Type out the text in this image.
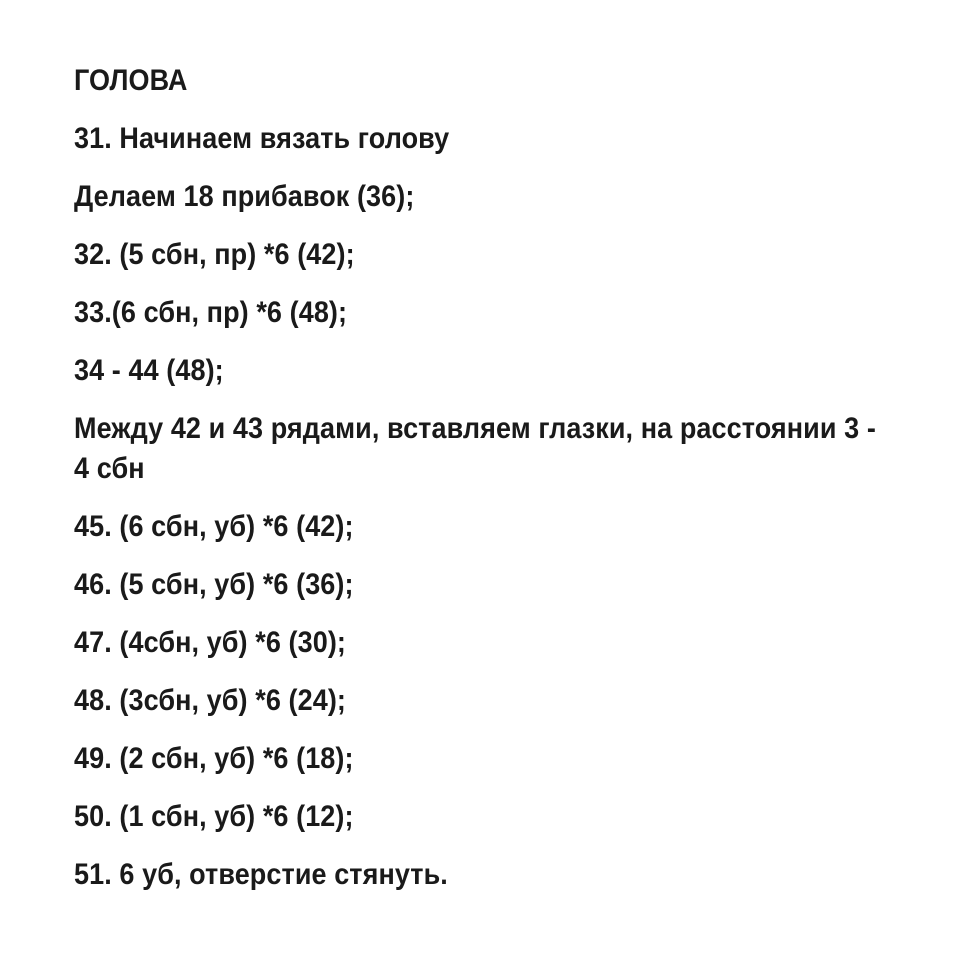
ГОЛОВА
31. Начинаем вязать голову
Делаем 18 прибавок (36);
32. (5 сбн, пр) *6 (42);
33.(6 сбн, пр) *6 (48);
34 - 44 (48);
Между 42 и 43 рядами, вставляем глазки, на расстоянии 3 - 4 сбн
45. (6 сбн, уб) *6 (42);
46. (5 сбн, уб) *6 (36);
47. (4сбн, уб) *6 (30);
48. (3сбн, уб) *6 (24);
49. (2 сбн, уб) *6 (18);
50. (1 сбн, уб) *6 (12);
51. 6 уб, отверстие стянуть.
